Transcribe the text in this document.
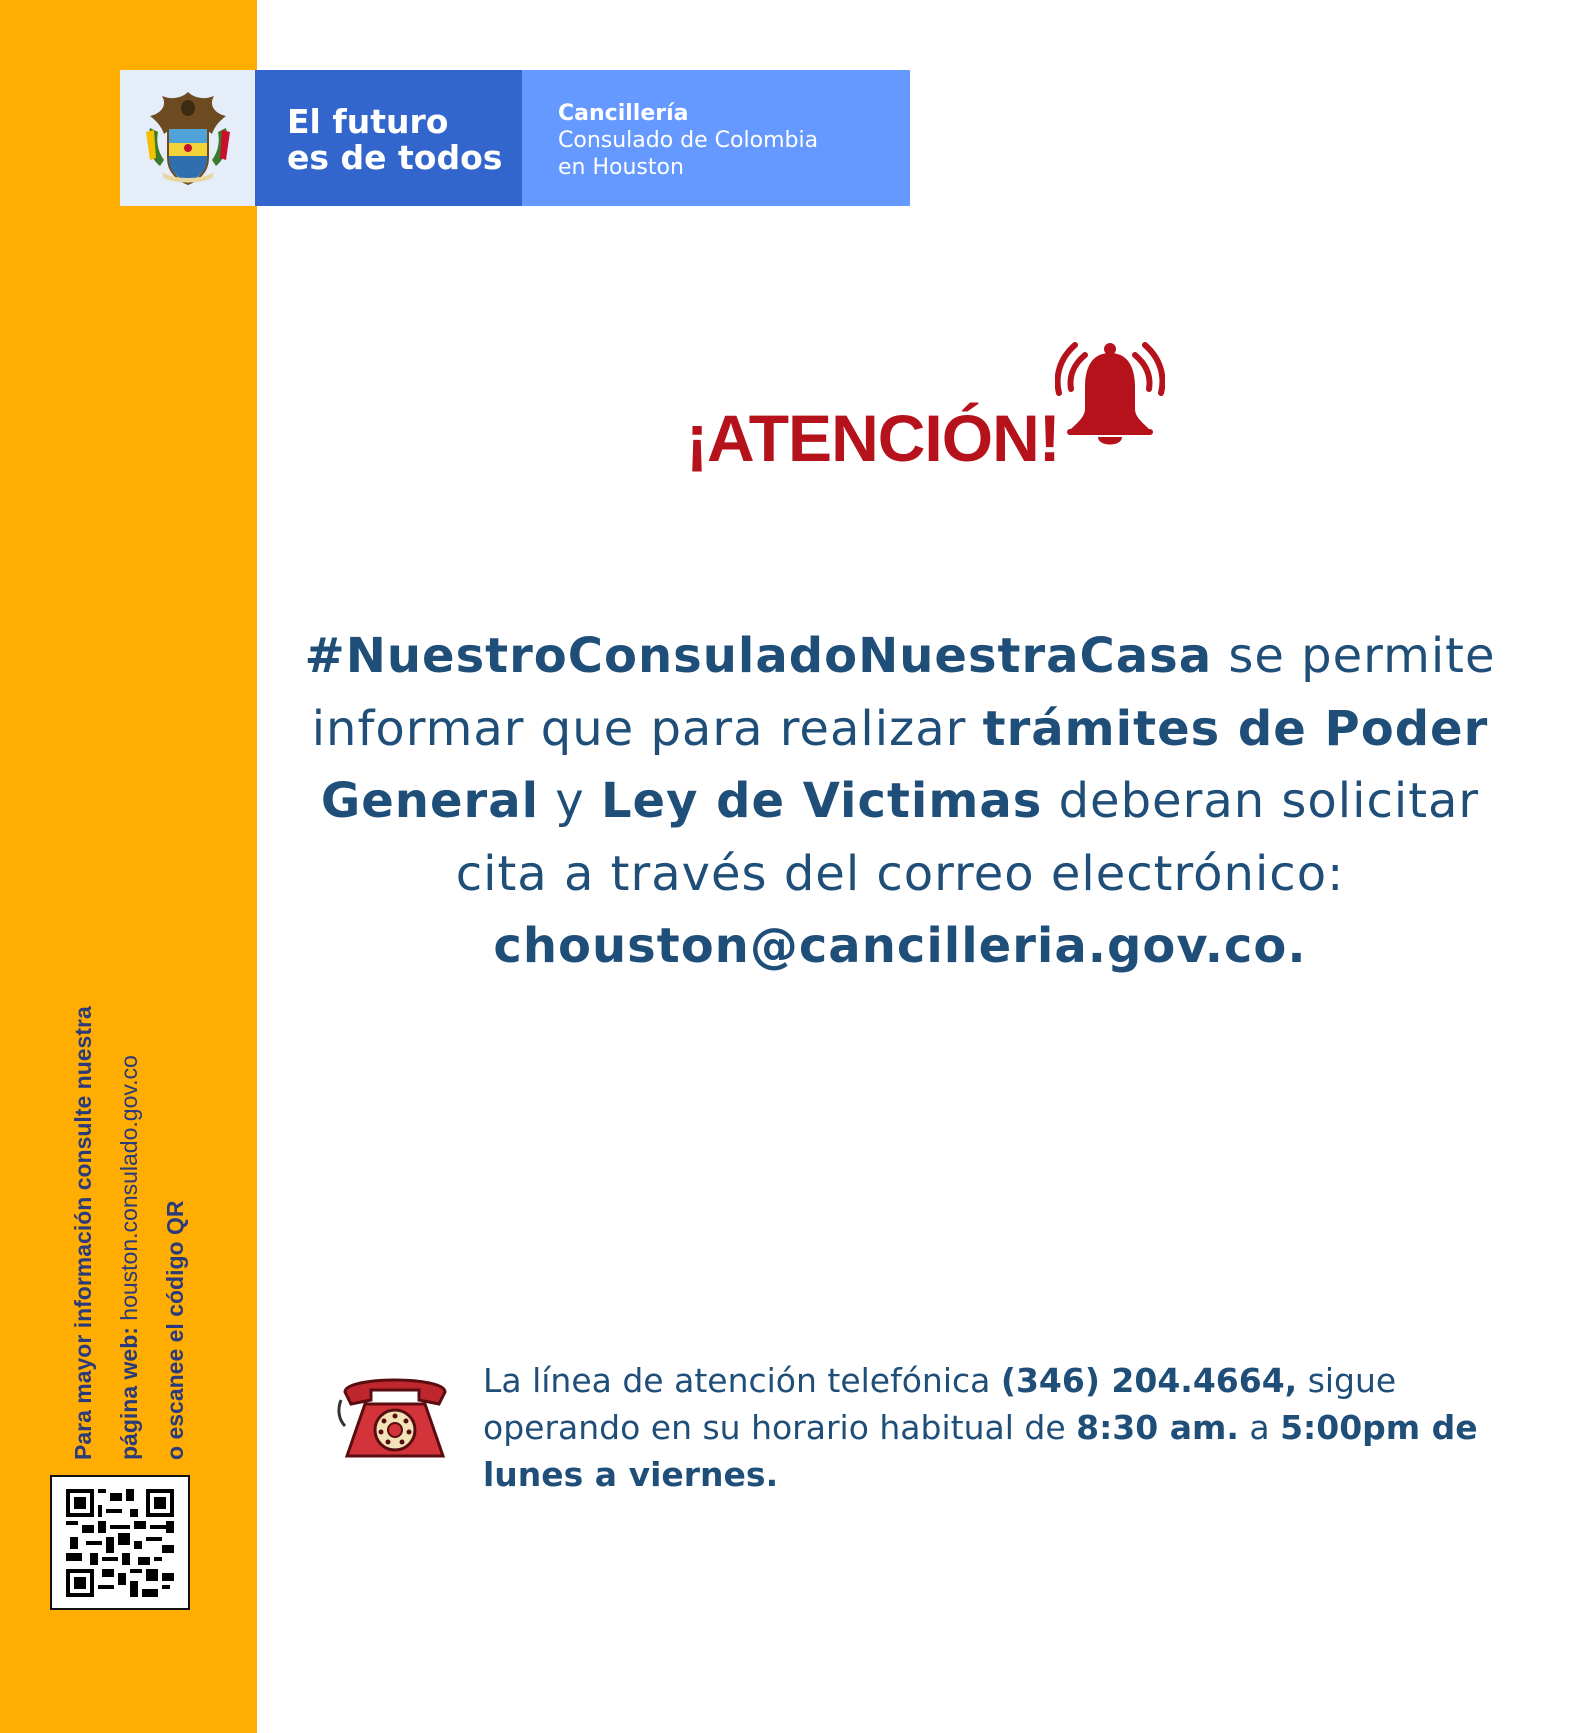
Para mayor información consulte nuestra página web: houston.consulado.gov.co
o escanee el código QR
El futuro
es de todos
Cancillería
Consulado de Colombia
en Houston
¡ATENCIÓN!
#NuestroConsuladoNuestraCasa se permite informar que para realizar trámites de Poder General y Ley de Victimas deberan solicitar cita a través del correo electrónico: chouston@cancilleria.gov.co.
La línea de atención telefónica (346) 204.4664, sigue operando en su horario habitual de 8:30 am. a 5:00pm de lunes a viernes.
